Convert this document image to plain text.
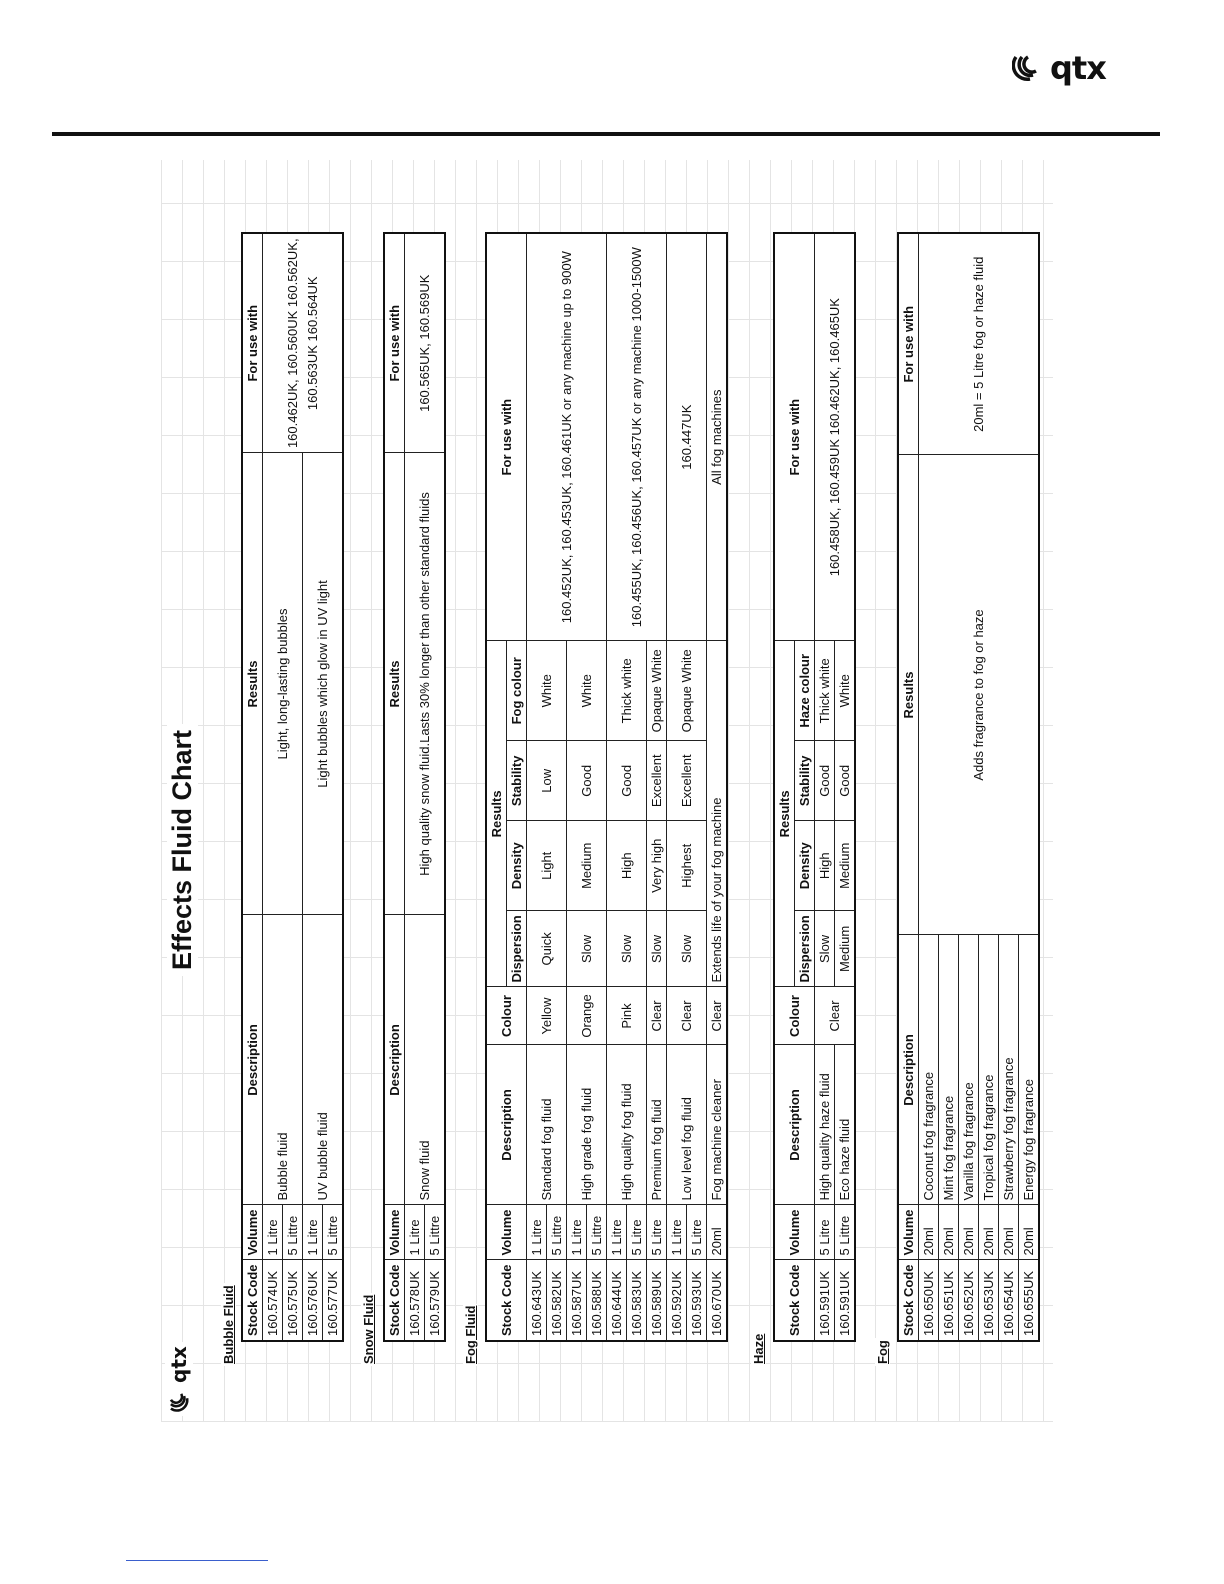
qtx
qtx
Effects Fluid Chart
Bubble Fluid Stock Code	Volume	Description	Results	For use with
160.574UK	1 Litre	Bubble fluid	Light, long-lasting bubbles	160.462UK, 160.560UK 160.562UK, 160.563UK 160.564UK
160.575UK	5 Littre			
160.576UK	1 Litre	UV bubble fluid	Light bubbles which glow in UV light	
160.577UK	5 Littre			
Snow Fluid Stock Code	Volume	Description	Results	For use with
160.578UK	1 Litre	Snow fluid	High quality snow fluid.Lasts 30% longer than other standard fluids	160.565UK, 160.569UK
160.579UK	5 Littre			
Fog Fluid Stock Code	Volume	Description	Colour	Results				For use with
				Dispersion	Density	Stability	Fog colour	
160.643UK	1 Litre	Standard fog fluid	Yellow	Quick	Light	Low	White	160.452UK, 160.453UK, 160.461UK or any machine up to 900W
160.582UK	5 Littre							
160.587UK	1 Litre	High grade fog fluid	Orange	Slow	Medium	Good	White	
160.588UK	5 Littre							
160.644UK	1 Litre	High quality fog fluid	Pink	Slow	High	Good	Thick white	160.455UK, 160.456UK, 160.457UK or any machine 1000-1500W
160.583UK	5 Litre							
160.589UK	5 Litre	Premium fog fluid	Clear	Slow	Very high	Excellent	Opaque White	
160.592UK	1 Litre	Low level fog fluid	Clear	Slow	Highest	Excellent	Opaque White	160.447UK
160.593UK	5 Litre							
160.670UK	20ml	Fog machine cleaner	Clear	Extends life of your fog machine				All fog machines
Haze
Stock Code	Volume	Description	Colour	Results				For use with
				Dispersion	Density	Stability	Haze colour	
160.591UK	5 Litre	High quality haze fluid	Clear	Slow	High	Good	Thick white	160.458UK, 160.459UK 160.462UK, 160.465UK
160.591UK	5 Littre	Eco haze fluid		Medium	Medium	Good	White	
Fog
Stock Code	Volume	Description	Results	For use with
160.650UK	20ml	Coconut fog fragrance	Adds fragrance to fog or haze	20ml = 5 Litre fog or haze fluid
160.651UK	20ml	Mint fog fragrance		
160.652UK	20ml	Vanilla fog fragrance		
160.653UK	20ml	Tropical fog fragrance		
160.654UK	20ml	Strawberry fog fragrance		
160.655UK	20ml	Energy fog fragrance		
